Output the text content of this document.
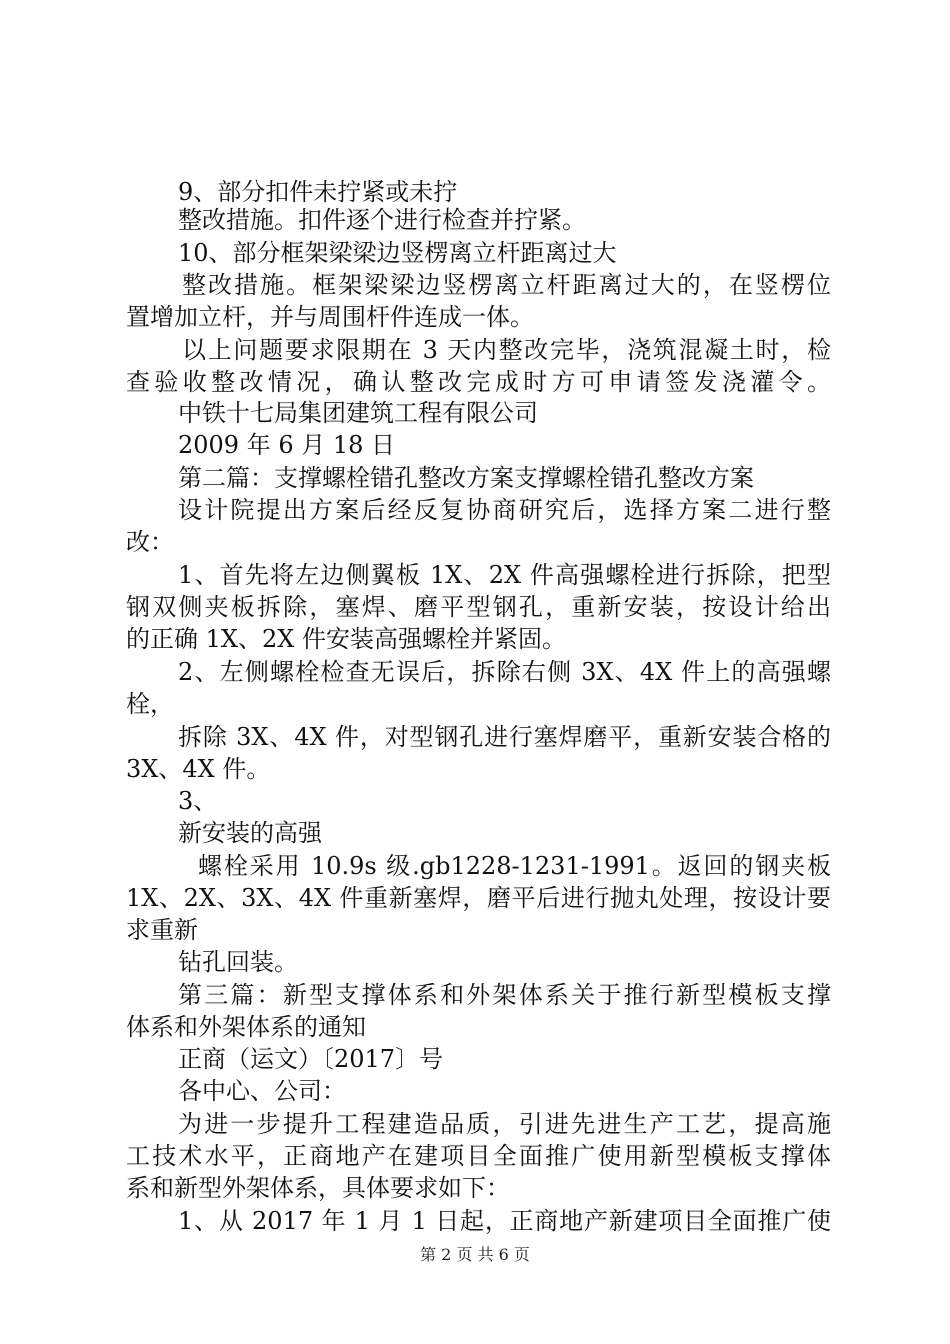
9、部分扣件未拧紧或未拧
整改措施。扣件逐个进行检查并拧紧。
10、部分框架梁梁边竖楞离立杆距离过大
整改措施。框架梁梁边竖楞离立杆距离过大的，在竖楞位
置增加立杆，并与周围杆件连成一体。
以上问题要求限期在 3 天内整改完毕，浇筑混凝土时，检
查验收整改情况，确认整改完成时方可申请签发浇灌令。
中铁十七局集团建筑工程有限公司
2009 年 6 月 18 日
第二篇：支撑螺栓错孔整改方案支撑螺栓错孔整改方案
设计院提出方案后经反复协商研究后，选择方案二进行整
改：
1、首先将左边侧翼板 1X、2X 件高强螺栓进行拆除，把型
钢双侧夹板拆除，塞焊、磨平型钢孔，重新安装，按设计给出
的正确 1X、2X 件安装高强螺栓并紧固。
2、左侧螺栓检查无误后，拆除右侧 3X、4X 件上的高强螺
栓，
拆除 3X、4X 件，对型钢孔进行塞焊磨平，重新安装合格的
3X、4X 件。
3、
新安装的高强
螺栓采用 10.9s 级.gb1228-1231-1991。返回的钢夹板
1X、2X、3X、4X 件重新塞焊，磨平后进行抛丸处理，按设计要
求重新
钻孔回装。
第三篇：新型支撑体系和外架体系关于推行新型模板支撑
体系和外架体系的通知
正商（运文）〔2017〕号
各中心、公司：
为进一步提升工程建造品质，引进先进生产工艺，提高施
工技术水平，正商地产在建项目全面推广使用新型模板支撑体
系和新型外架体系，具体要求如下：
1、从 2017 年 1 月 1 日起，正商地产新建项目全面推广使
第 2 页 共 6 页
